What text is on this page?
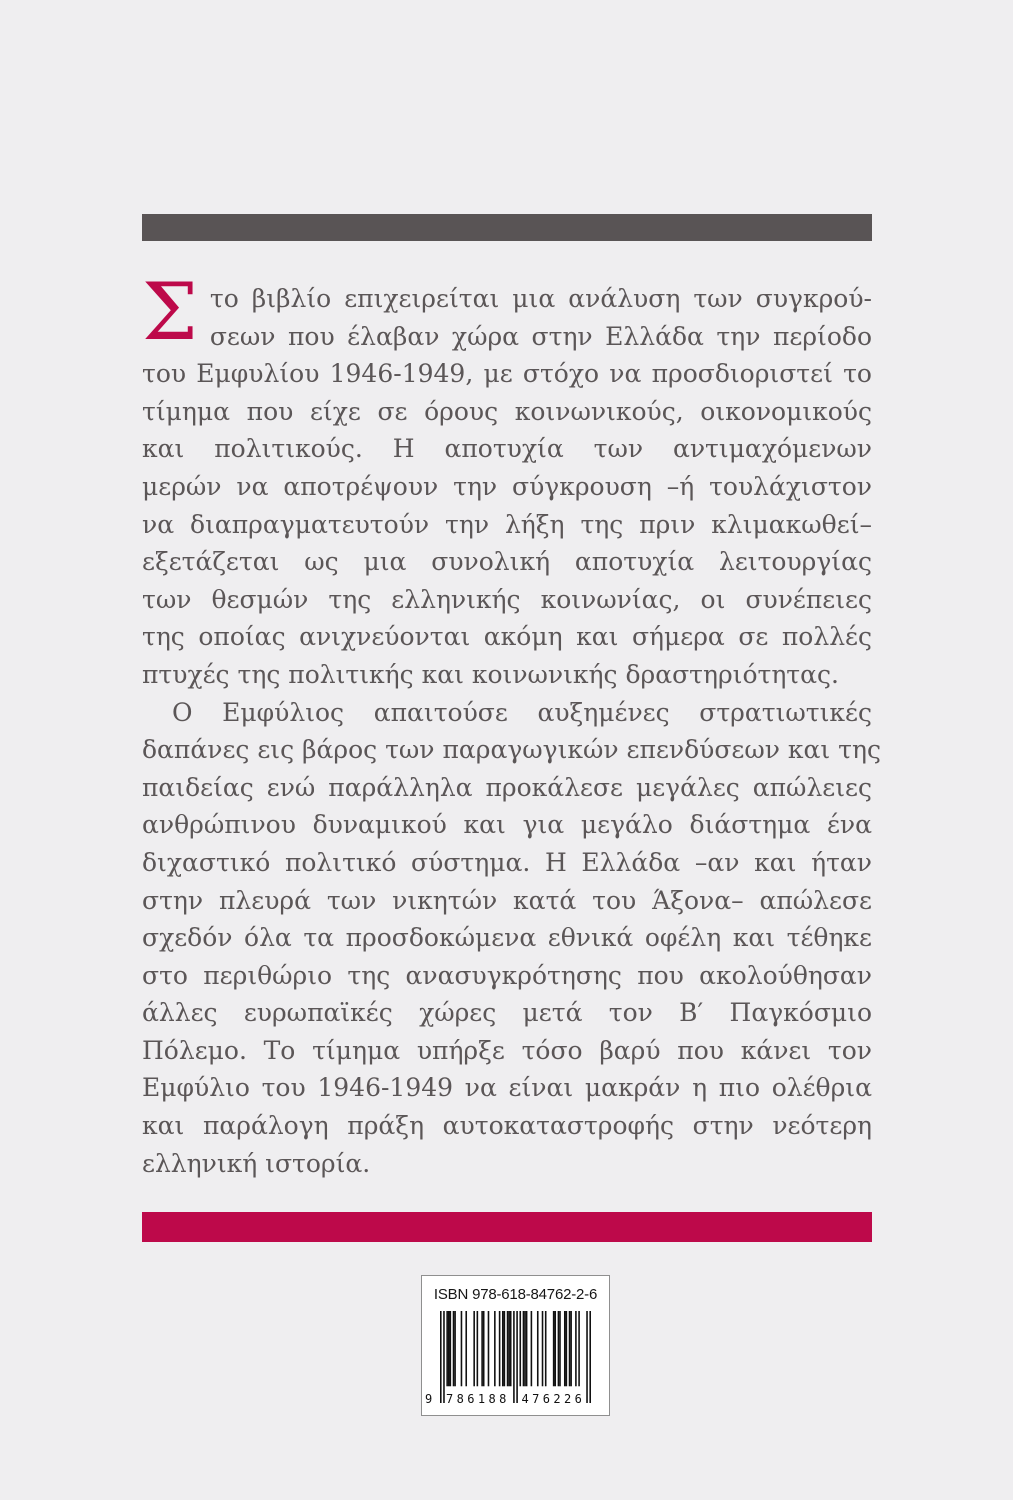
Στο βιβλίο επιχειρείται μια ανάλυση των συγκρού-
σεων που έλαβαν χώρα στην Ελλάδα την περίοδο
του Εμφυλίου 1946-1949, με στόχο να προσδιοριστεί το
τίμημα που είχε σε όρους κοινωνικούς, οικονομικούς
και πολιτικούς. Η αποτυχία των αντιμαχόμενων
μερών να αποτρέψουν την σύγκρουση –ή τουλάχιστον
να διαπραγματευτούν την λήξη της πριν κλιμακωθεί–
εξετάζεται ως μια συνολική αποτυχία λειτουργίας
των θεσμών της ελληνικής κοινωνίας, οι συνέπειες
της οποίας ανιχνεύονται ακόμη και σήμερα σε πολλές
πτυχές της πολιτικής και κοινωνικής δραστηριότητας.
Ο Εμφύλιος απαιτούσε αυξημένες στρατιωτικές
δαπάνες εις βάρος των παραγωγικών επενδύσεων και της
παιδείας ενώ παράλληλα προκάλεσε μεγάλες απώλειες
ανθρώπινου δυναμικού και για μεγάλο διάστημα ένα
διχαστικό πολιτικό σύστημα. Η Ελλάδα –αν και ήταν
στην πλευρά των νικητών κατά του Άξονα– απώλεσε
σχεδόν όλα τα προσδοκώμενα εθνικά οφέλη και τέθηκε
στο περιθώριο της ανασυγκρότησης που ακολούθησαν
άλλες ευρωπαϊκές χώρες μετά τον Β′ Παγκόσμιο
Πόλεμο. Το τίμημα υπήρξε τόσο βαρύ που κάνει τον
Εμφύλιο του 1946-1949 να είναι μακράν η πιο ολέθρια
και παράλογη πράξη αυτοκαταστροφής στην νεότερη
ελληνική ιστορία.
ISBN 978-618-84762-2-6
9 786188 476226
